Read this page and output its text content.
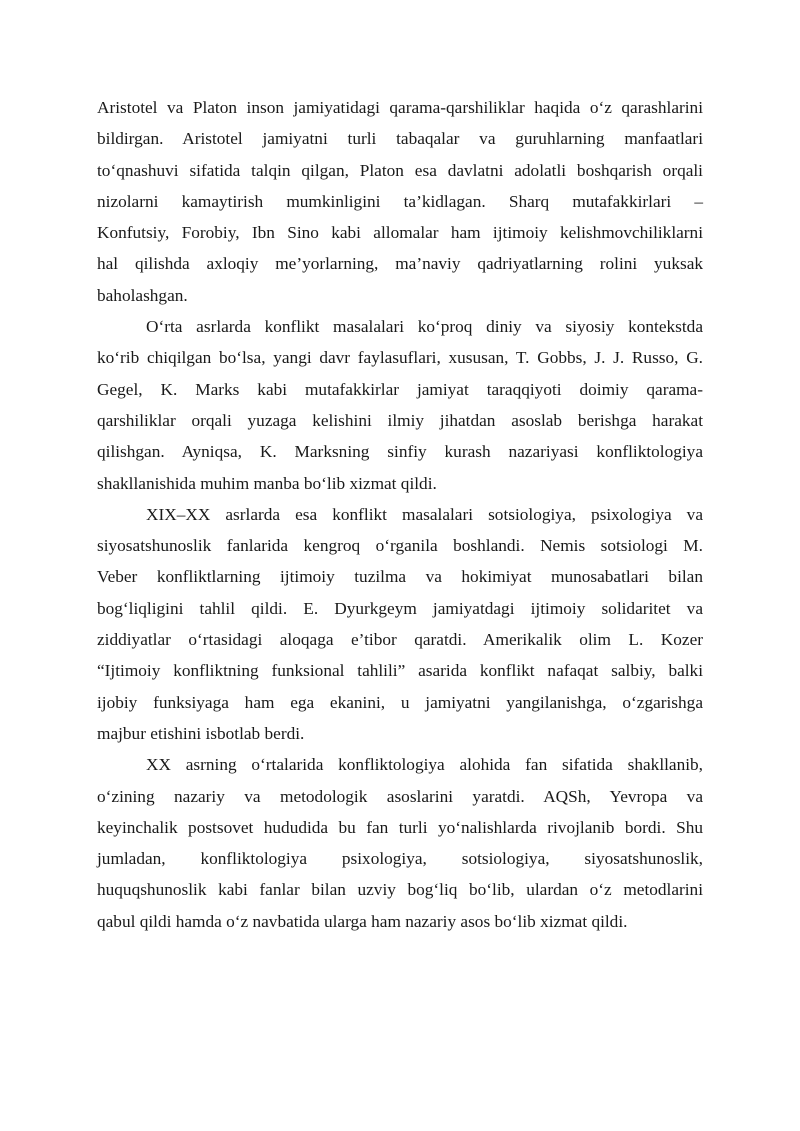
Aristotel va Platon inson jamiyatidagi qarama-qarshiliklar haqida o‘z qarashlarini
bildirgan. Aristotel jamiyatni turli tabaqalar va guruhlarning manfaatlari
to‘qnashuvi sifatida talqin qilgan, Platon esa davlatni adolatli boshqarish orqali
nizolarni kamaytirish mumkinligini ta’kidlagan. Sharq mutafakkirlari –
Konfutsiy, Forobiy, Ibn Sino kabi allomalar ham ijtimoiy kelishmovchiliklarni
hal qilishda axloqiy me’yorlarning, ma’naviy qadriyatlarning rolini yuksak
baholashgan.

O‘rta asrlarda konflikt masalalari ko‘proq diniy va siyosiy kontekstda
ko‘rib chiqilgan bo‘lsa, yangi davr faylasuflari, xususan, T. Gobbs, J. J. Russo, G.
Gegel, K. Marks kabi mutafakkirlar jamiyat taraqqiyoti doimiy qarama-
qarshiliklar orqali yuzaga kelishini ilmiy jihatdan asoslab berishga harakat
qilishgan. Ayniqsa, K. Marksning sinfiy kurash nazariyasi konfliktologiya
shakllanishida muhim manba bo‘lib xizmat qildi.

XIX–XX asrlarda esa konflikt masalalari sotsiologiya, psixologiya va
siyosatshunoslik fanlarida kengroq o‘rganila boshlandi. Nemis sotsiologi M.
Veber konfliktlarning ijtimoiy tuzilma va hokimiyat munosabatlari bilan
bog‘liqligini tahlil qildi. E. Dyurkgeym jamiyatdagi ijtimoiy solidaritet va
ziddiyatlar o‘rtasidagi aloqaga e’tibor qaratdi. Amerikalik olim L. Kozer
“Ijtimoiy konfliktning funksional tahlili” asarida konflikt nafaqat salbiy, balki
ijobiy funksiyaga ham ega ekanini, u jamiyatni yangilanishga, o‘zgarishga
majbur etishini isbotlab berdi.

XX asrning o‘rtalarida konfliktologiya alohida fan sifatida shakllanib,
o‘zining nazariy va metodologik asoslarini yaratdi. AQSh, Yevropa va
keyinchalik postsovet hududida bu fan turli yo‘nalishlarda rivojlanib bordi. Shu
jumladan, konfliktologiya psixologiya, sotsiologiya, siyosatshunoslik,
huquqshunoslik kabi fanlar bilan uzviy bog‘liq bo‘lib, ulardan o‘z metodlarini
qabul qildi hamda o‘z navbatida ularga ham nazariy asos bo‘lib xizmat qildi.
